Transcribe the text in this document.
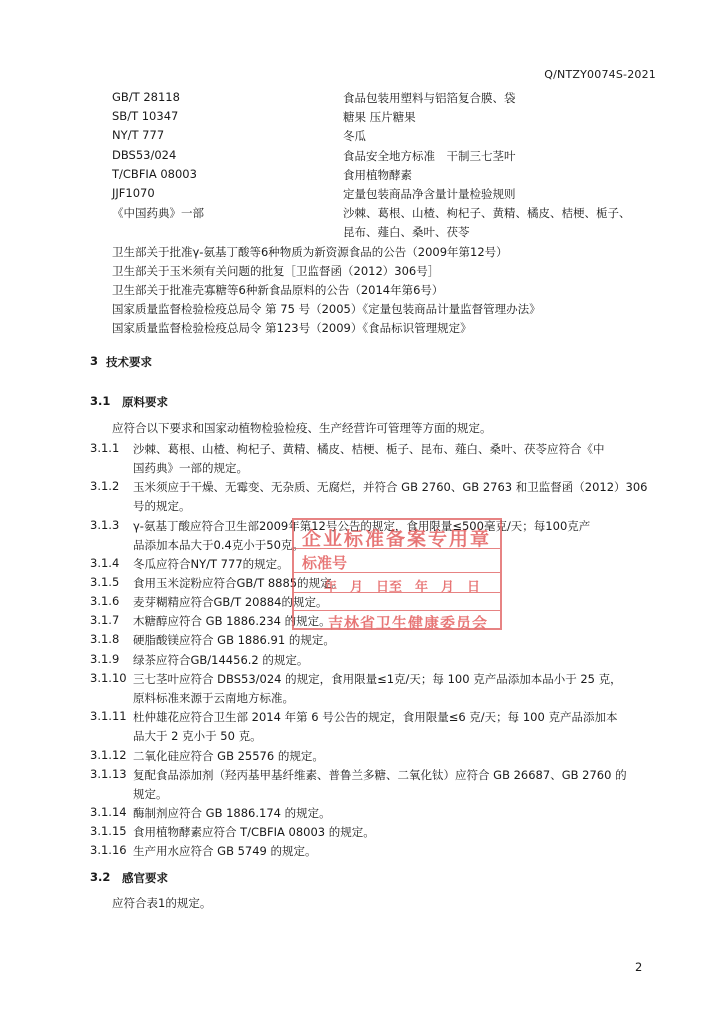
Q/NTZY0074S-2021
GB/T 28118	食品包装用塑料与铝箔复合膜、袋
SB/T 10347	糖果 压片糖果
NY/T 777	冬瓜
DBS53/024	食品安全地方标准　干制三七茎叶
T/CBFIA 08003	食用植物酵素
JJF1070	定量包装商品净含量计量检验规则
《中国药典》一部	沙棘、葛根、山楂、枸杞子、黄精、橘皮、桔梗、栀子、
昆布、薤白、桑叶、茯苓
卫生部关于批准γ-氨基丁酸等6种物质为新资源食品的公告（2009年第12号）
卫生部关于玉米须有关问题的批复［卫监督函（2012）306号］
卫生部关于批准壳寡糖等6种新食品原料的公告（2014年第6号）
国家质量监督检验检疫总局令 第 75 号（2005）《定量包装商品计量监督管理办法》
国家质量监督检验检疫总局令 第123号（2009）《食品标识管理规定》
3 技术要求
3.1 原料要求
应符合以下要求和国家动植物检验检疫、生产经营许可管理等方面的规定。
3.1.1 沙棘、葛根、山楂、枸杞子、黄精、橘皮、桔梗、栀子、昆布、薤白、桑叶、茯苓应符合《中
国药典》一部的规定。
3.1.2 玉米须应于干燥、无霉变、无杂质、无腐烂，并符合 GB 2760、GB 2763 和卫监督函（2012）306
号的规定。
3.1.3 γ-氨基丁酸应符合卫生部2009年第12号公告的规定，食用限量≤500毫克/天；每100克产
品添加本品大于0.4克小于50克。
3.1.4 冬瓜应符合NY/T 777的规定。
3.1.5 食用玉米淀粉应符合GB/T 8885的规定。
3.1.6 麦芽糊精应符合GB/T 20884的规定。
3.1.7 木糖醇应符合 GB 1886.234 的规定。
3.1.8 硬脂酸镁应符合 GB 1886.91 的规定。
3.1.9 绿茶应符合GB/14456.2 的规定。
3.1.10 三七茎叶应符合 DBS53/024 的规定，食用限量≤1克/天；每 100 克产品添加本品小于 25 克，
原料标准来源于云南地方标准。
3.1.11 杜仲雄花应符合卫生部 2014 年第 6 号公告的规定，食用限量≤6 克/天；每 100 克产品添加本
品大于 2 克小于 50 克。
3.1.12 二氧化硅应符合 GB 25576 的规定。
3.1.13 复配食品添加剂（羟丙基甲基纤维素、普鲁兰多糖、二氧化钛）应符合 GB 26687、GB 2760 的
规定。
3.1.14 酶制剂应符合 GB 1886.174 的规定。
3.1.15 食用植物酵素应符合 T/CBFIA 08003 的规定。
3.1.16 生产用水应符合 GB 5749 的规定。
3.2 感官要求
应符合表1的规定。
企业标准备案专用章
标准号
年　月　日至　年　月　日
吉林省卫生健康委员会
2
